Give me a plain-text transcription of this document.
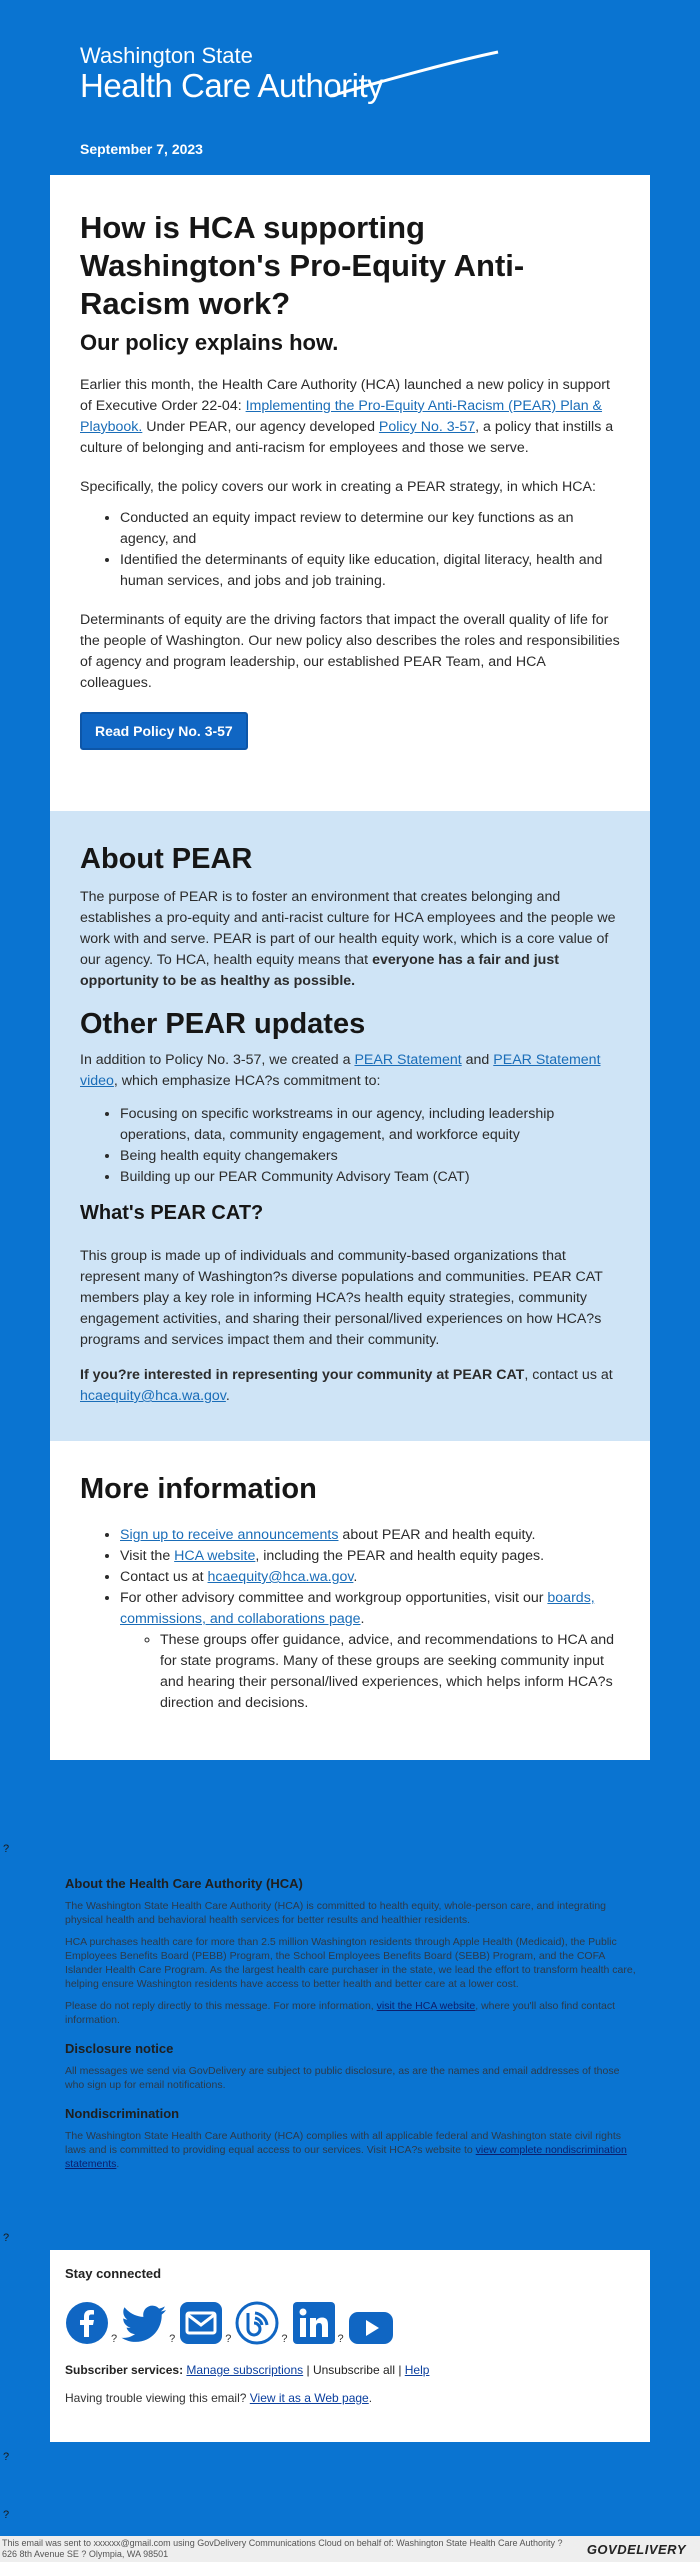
Washington State
Health Care Authority
September 7, 2023
How is HCA supporting Washington's Pro-Equity Anti-Racism work?
Our policy explains how.

Earlier this month, the Health Care Authority (HCA) launched a new policy in support of Executive Order 22-04: Implementing the Pro-Equity Anti-Racism (PEAR) Plan & Playbook. Under PEAR, our agency developed Policy No. 3-57, a policy that instills a culture of belonging and anti-racism for employees and those we serve.

Specifically, the policy covers our work in creating a PEAR strategy, in which HCA:

• Conducted an equity impact review to determine our key functions as an agency, and
• Identified the determinants of equity like education, digital literacy, health and human services, and jobs and job training.

Determinants of equity are the driving factors that impact the overall quality of life for the people of Washington. Our new policy also describes the roles and responsibilities of agency and program leadership, our established PEAR Team, and HCA colleagues.

Read Policy No. 3-57
About PEAR

The purpose of PEAR is to foster an environment that creates belonging and establishes a pro-equity and anti-racist culture for HCA employees and the people we work with and serve. PEAR is part of our health equity work, which is a core value of our agency. To HCA, health equity means that everyone has a fair and just opportunity to be as healthy as possible.

Other PEAR updates

In addition to Policy No. 3-57, we created a PEAR Statement and PEAR Statement video, which emphasize HCA?s commitment to:

• Focusing on specific workstreams in our agency, including leadership operations, data, community engagement, and workforce equity
• Being health equity changemakers
• Building up our PEAR Community Advisory Team (CAT)
What's PEAR CAT?

This group is made up of individuals and community-based organizations that represent many of Washington?s diverse populations and communities. PEAR CAT members play a key role in informing HCA?s health equity strategies, community engagement activities, and sharing their personal/lived experiences on how HCA?s programs and services impact them and their community.

If you?re interested in representing your community at PEAR CAT, contact us at hcaequity@hca.wa.gov.

More information
• Sign up to receive announcements about PEAR and health equity.
• Visit the HCA website, including the PEAR and health equity pages.
• Contact us at hcaequity@hca.wa.gov.
• For other advisory committee and workgroup opportunities, visit our boards, commissions, and collaborations page.
◦ These groups offer guidance, advice, and recommendations to HCA and for state programs. Many of these groups are seeking community input and hearing their personal/lived experiences, which helps inform HCA?s direction and decisions.
?
About the Health Care Authority (HCA)

The Washington State Health Care Authority (HCA) is committed to health equity, whole-person care, and integrating physical health and behavioral health services for better results and healthier residents.

HCA purchases health care for more than 2.5 million Washington residents through Apple Health (Medicaid), the Public Employees Benefits Board (PEBB) Program, the School Employees Benefits Board (SEBB) Program, and the COFA Islander Health Care Program. As the largest health care purchaser in the state, we lead the effort to transform health care, helping ensure Washington residents have access to better health and better care at a lower cost.

Please do not reply directly to this message. For more information, visit the HCA website, where you'll also find contact information.

Disclosure notice

All messages we send via GovDelivery are subject to public disclosure, as are the names and email addresses of those who sign up for email notifications.

Nondiscrimination

The Washington State Health Care Authority (HCA) complies with all applicable federal and Washington state civil rights laws and is committed to providing equal access to our services. Visit HCA?s website to view complete nondiscrimination statements.

?
Stay connected
?	?	?	?	?

Subscriber services: Manage subscriptions | Unsubscribe all | Help

Having trouble viewing this email? View it as a Web page.

?
?
This email was sent to xxxxxx@gmail.com using GovDelivery Communications Cloud on behalf of: Washington State Health Care Authority ? 626 8th Avenue SE ? Olympia, WA 98501	GOVDELIVERY
